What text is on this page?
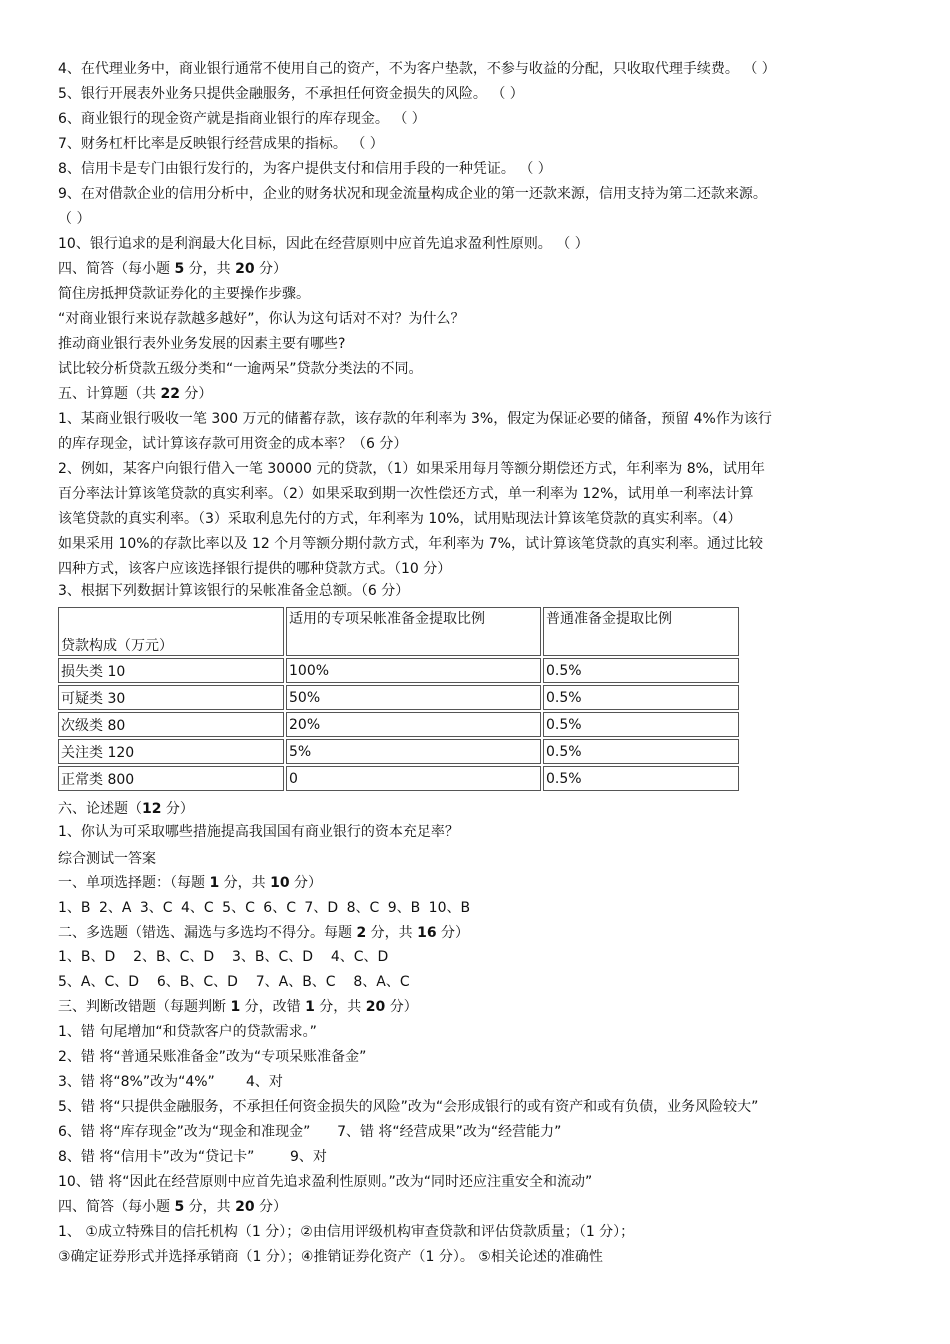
4、在代理业务中，商业银行通常不使用自己的资产，不为客户垫款，不参与收益的分配，只收取代理手续费。 （ ）
5、银行开展表外业务只提供金融服务，不承担任何资金损失的风险。 （ ）
6、商业银行的现金资产就是指商业银行的库存现金。 （ ）
7、财务杠杆比率是反映银行经营成果的指标。 （ ）
8、信用卡是专门由银行发行的，为客户提供支付和信用手段的一种凭证。 （ ）
9、在对借款企业的信用分析中，企业的财务状况和现金流量构成企业的第一还款来源，信用支持为第二还款来源。
（ ）
10、银行追求的是利润最大化目标，因此在经营原则中应首先追求盈利性原则。 （ ）
四、简答（每小题 5 分，共 20 分）
简住房抵押贷款证券化的主要操作步骤。
“对商业银行来说存款越多越好”，你认为这句话对不对？为什么？
推动商业银行表外业务发展的因素主要有哪些?
试比较分析贷款五级分类和“一逾两呆”贷款分类法的不同。
五、计算题（共 22 分）
1、某商业银行吸收一笔 300 万元的储蓄存款，该存款的年利率为 3%，假定为保证必要的储备，预留 4%作为该行
的库存现金，试计算该存款可用资金的成本率？（6 分）
2、例如，某客户向银行借入一笔 30000 元的贷款，（1）如果采用每月等额分期偿还方式，年利率为 8%，试用年
百分率法计算该笔贷款的真实利率。（2）如果采取到期一次性偿还方式，单一利率为 12%，试用单一利率法计算
该笔贷款的真实利率。（3）采取利息先付的方式，年利率为 10%，试用贴现法计算该笔贷款的真实利率。（4）
如果采用 10%的存款比率以及 12 个月等额分期付款方式，年利率为 7%，试计算该笔贷款的真实利率。通过比较
四种方式，该客户应该选择银行提供的哪种贷款方式。（10 分）
3、根据下列数据计算该银行的呆帐准备金总额。（6 分）
贷款构成（万元）	适用的专项呆帐准备金提取比例	普通准备金提取比例
损失类 10	100%	0.5%
可疑类 30	50%	0.5%
次级类 80	20%	0.5%
关注类 120	5%	0.5%
正常类 800	0	0.5%
六、论述题（12 分）
1、你认为可采取哪些措施提高我国国有商业银行的资本充足率？
综合测试一答案
一、单项选择题：（每题 1 分，共 10 分）
1、B 2、A 3、C 4、C 5、C 6、C 7、D 8、C 9、B 10、B
二、多选题（错选、漏选与多选均不得分。每题 2 分，共 16 分）
1、B、D    2、B、C、D    3、B、C、D    4、C、D
5、A、C、D    6、B、C、D    7、A、B、C    8、A、C
三、判断改错题（每题判断 1 分，改错 1 分，共 20 分）
1、错 句尾增加“和贷款客户的贷款需求。”
2、错 将“普通呆账准备金”改为“专项呆账准备金”
3、错 将“8%”改为“4%”       4、对
5、错 将“只提供金融服务，不承担任何资金损失的风险”改为“会形成银行的或有资产和或有负债，业务风险较大”
6、错 将“库存现金”改为“现金和准现金”      7、错 将“经营成果”改为“经营能力”
8、错 将“信用卡”改为“贷记卡”        9、对
10、错 将“因此在经营原则中应首先追求盈利性原则。”改为“同时还应注重安全和流动”
四、简答（每小题 5 分，共 20 分）
1、 ①成立特殊目的信托机构（1 分）；②由信用评级机构审查贷款和评估贷款质量；（1 分）；
③确定证券形式并选择承销商（1 分）；④推销证券化资产（1 分）。 ⑤相关论述的准确性
